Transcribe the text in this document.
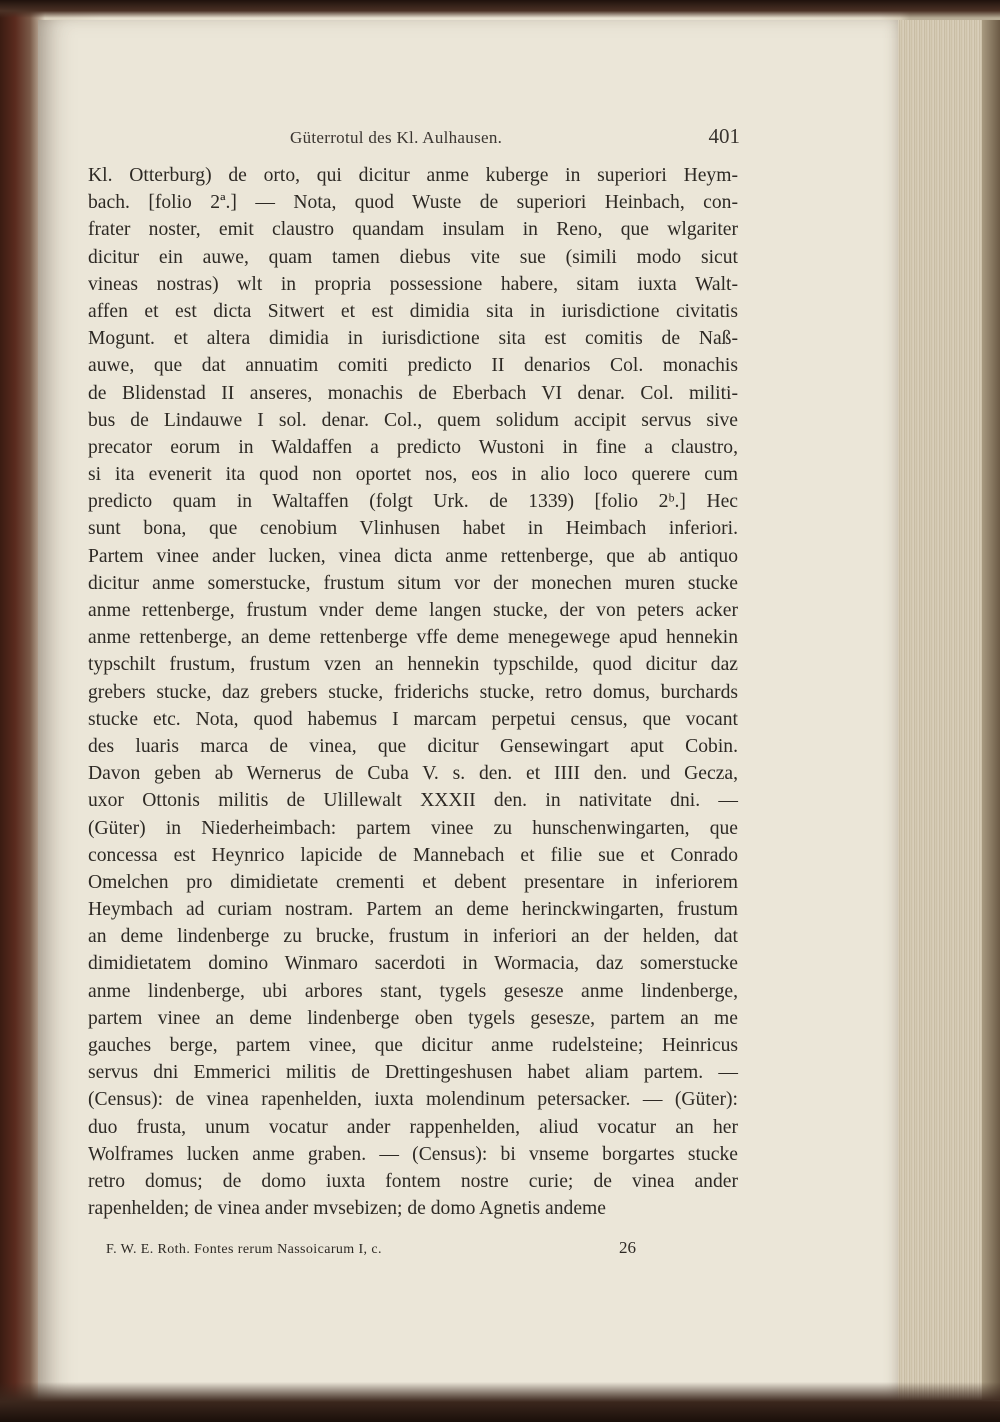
Güterrotul des Kl. Aulhausen.	401
Kl. Otterburg) de orto, qui dicitur anme kuberge in superiori Heym-
bach. [folio 2ª.] — Nota, quod Wuste de superiori Heinbach, con-
frater noster, emit claustro quandam insulam in Reno, que wlgariter
dicitur ein auwe, quam tamen diebus vite sue (simili modo sicut
vineas nostras) wlt in propria possessione habere, sitam iuxta Walt-
affen et est dicta Sitwert et est dimidia sita in iurisdictione civitatis
Mogunt. et altera dimidia in iurisdictione sita est comitis de Naß-
auwe, que dat annuatim comiti predicto II denarios Col. monachis
de Blidenstad II anseres, monachis de Eberbach VI denar. Col. militi-
bus de Lindauwe I sol. denar. Col., quem solidum accipit servus sive
precator eorum in Waldaffen a predicto Wustoni in fine a claustro,
si ita evenerit ita quod non oportet nos, eos in alio loco querere cum
predicto quam in Waltaffen (folgt Urk. de 1339) [folio 2ᵇ.] Hec
sunt bona, que cenobium Vlinhusen habet in Heimbach inferiori.
Partem vinee ander lucken, vinea dicta anme rettenberge, que ab antiquo
dicitur anme somerstucke, frustum situm vor der monechen muren stucke
anme rettenberge, frustum vnder deme langen stucke, der von peters acker
anme rettenberge, an deme rettenberge vffe deme menegewege apud hennekin
typschilt frustum, frustum vzen an hennekin typschilde, quod dicitur daz
grebers stucke, daz grebers stucke, friderichs stucke, retro domus, burchards
stucke etc. Nota, quod habemus I marcam perpetui census, que vocant
des luaris marca de vinea, que dicitur Gensewingart aput Cobin.
Davon geben ab Wernerus de Cuba V. s. den. et IIII den. und Gecza,
uxor Ottonis militis de Ulillewalt XXXII den. in nativitate dni. —
(Güter) in Niederheimbach: partem vinee zu hunschenwingarten, que
concessa est Heynrico lapicide de Mannebach et filie sue et Conrado
Omelchen pro dimidietate crementi et debent presentare in inferiorem
Heymbach ad curiam nostram. Partem an deme herinckwingarten, frustum
an deme lindenberge zu brucke, frustum in inferiori an der helden, dat
dimidietatem domino Winmaro sacerdoti in Wormacia, daz somerstucke
anme lindenberge, ubi arbores stant, tygels gesesze anme lindenberge,
partem vinee an deme lindenberge oben tygels gesesze, partem an me
gauches berge, partem vinee, que dicitur anme rudelsteine; Heinricus
servus dni Emmerici militis de Drettingeshusen habet aliam partem. —
(Census): de vinea rapenhelden, iuxta molendinum petersacker. — (Güter):
duo frusta, unum vocatur ander rappenhelden, aliud vocatur an her
Wolframes lucken anme graben. — (Census): bi vnseme borgartes stucke
retro domus; de domo iuxta fontem nostre curie; de vinea ander
rapenhelden; de vinea ander mvsebizen; de domo Agnetis andeme
F. W. E. Roth. Fontes rerum Nassoicarum I, c.	26
